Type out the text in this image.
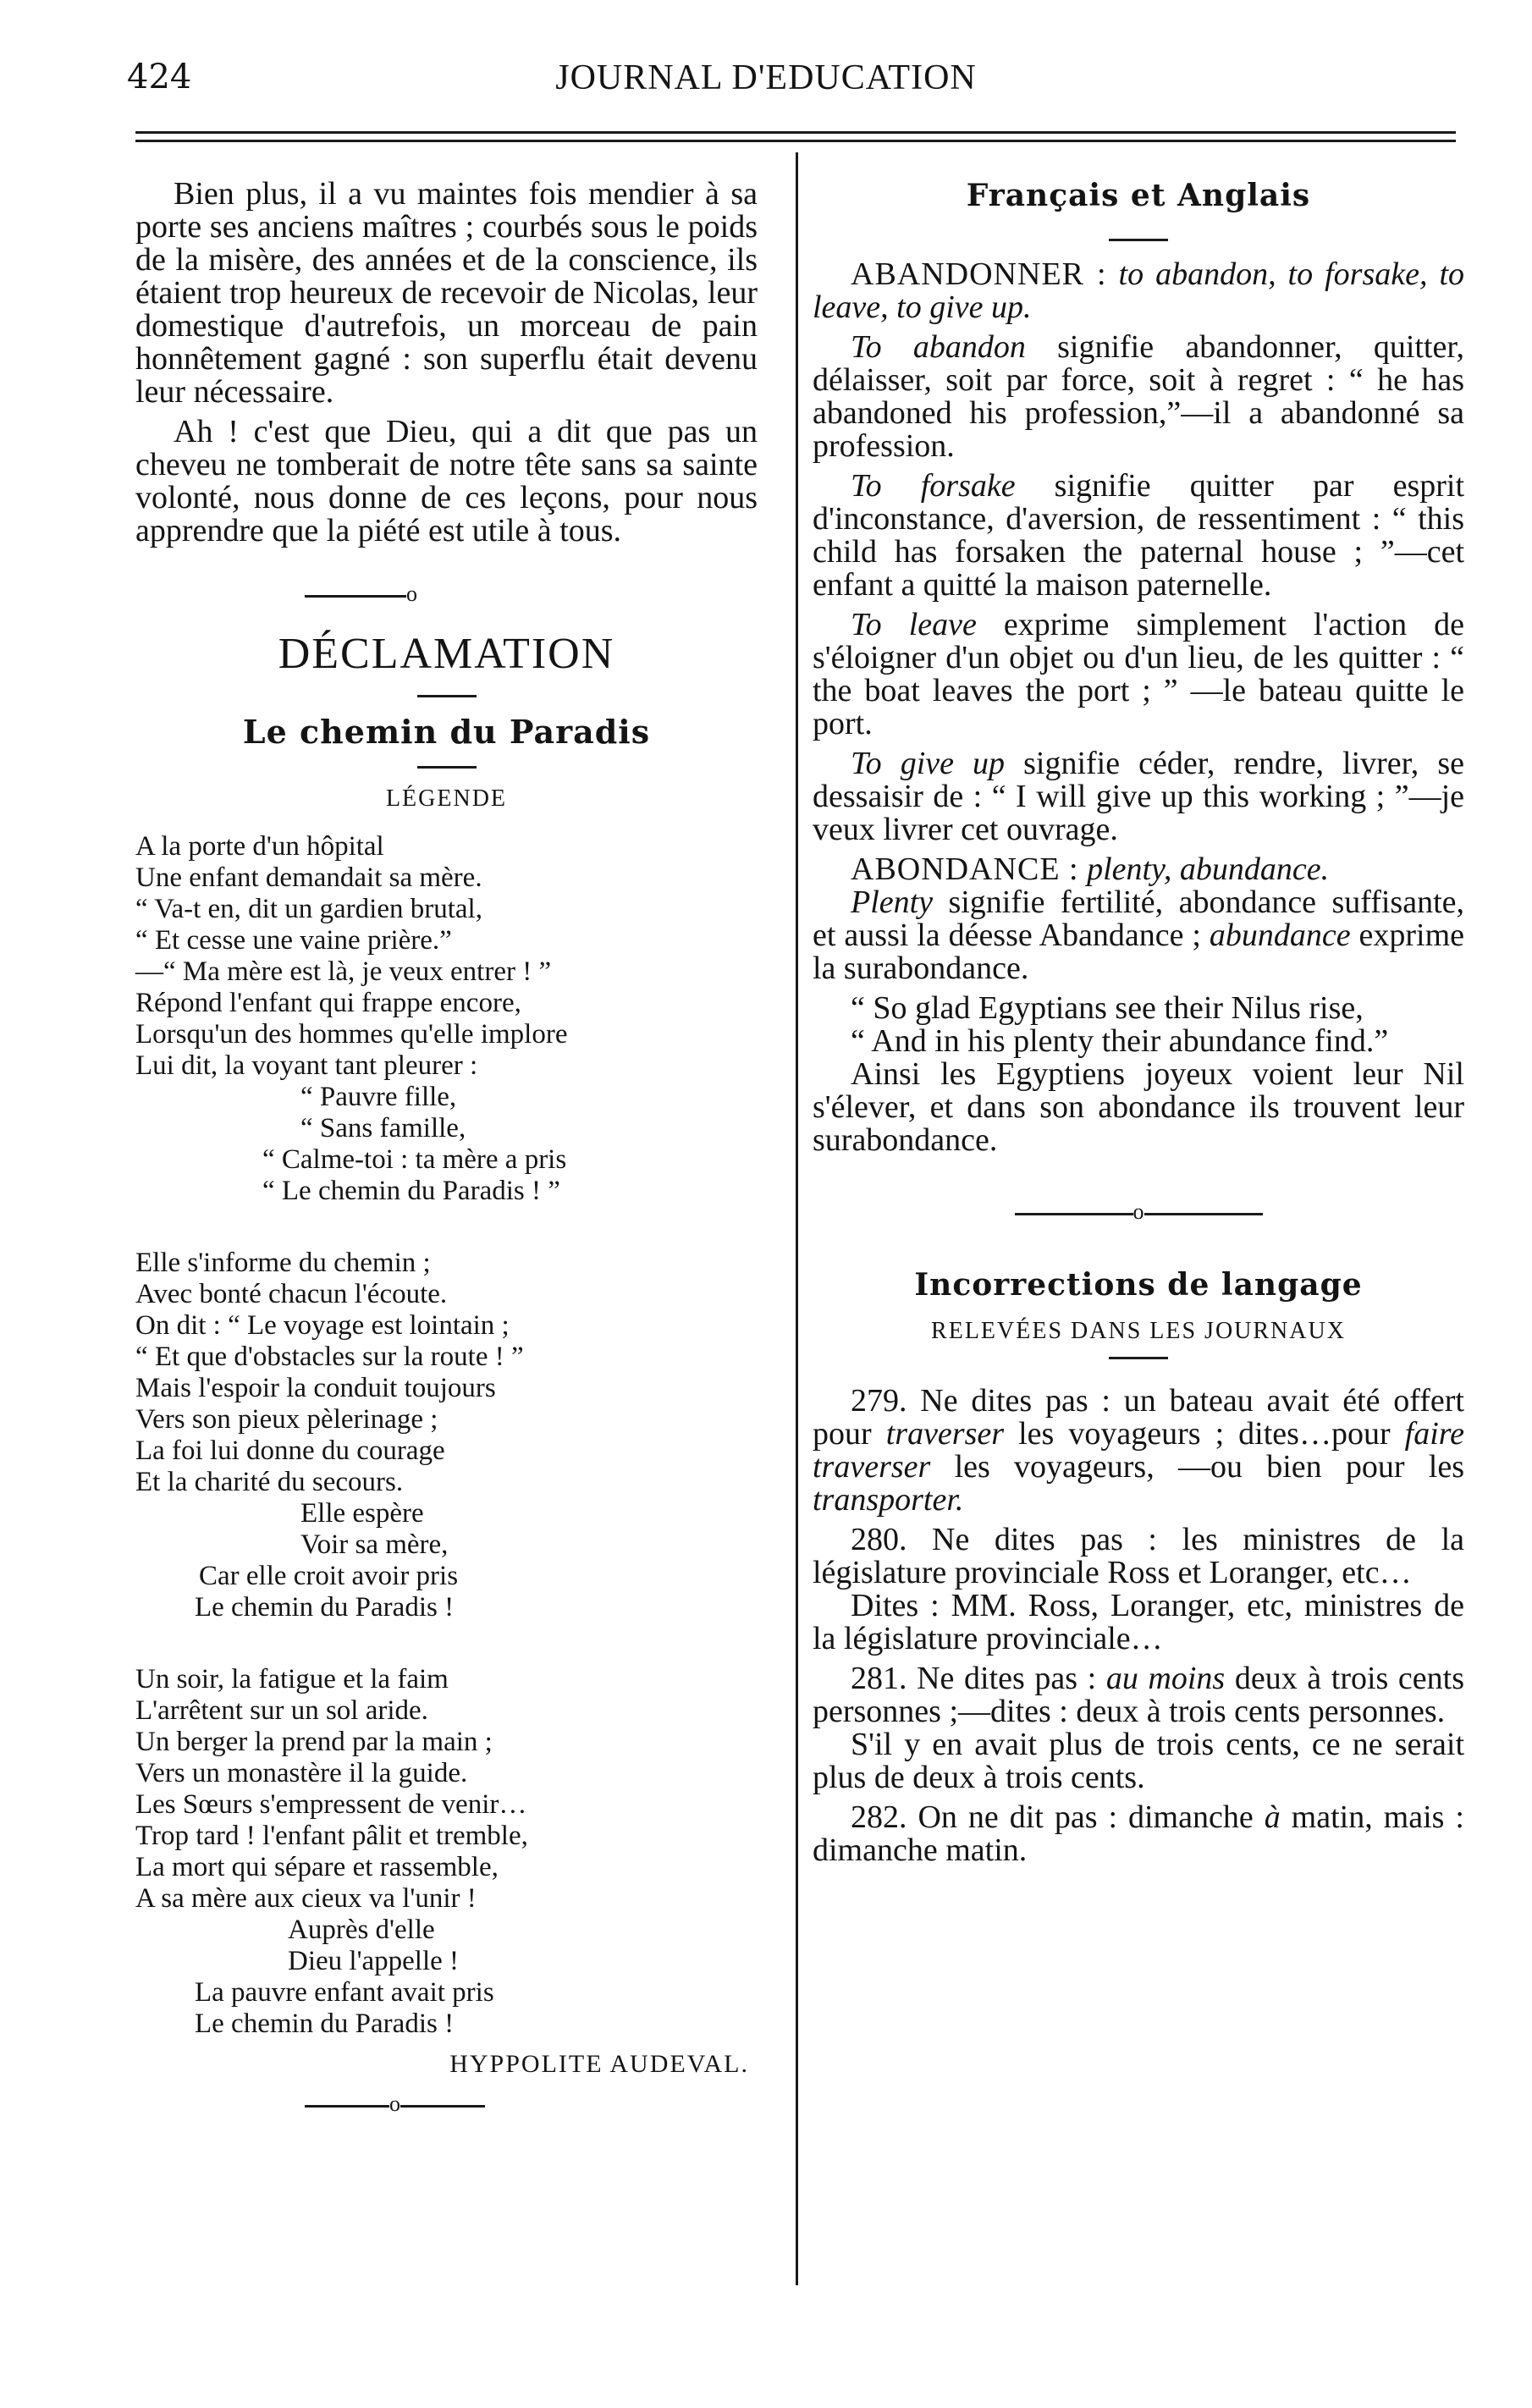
424	JOURNAL D'EDUCATION

Bien plus, il a vu maintes fois mendier à sa porte ses anciens maîtres ; courbés sous le poids de la misère, des années et de la conscience, ils étaient trop heureux de recevoir de Nicolas, leur domestique d'autrefois, un morceau de pain honnêtement gagné : son superflu était devenu leur nécessaire.

Ah ! c'est que Dieu, qui a dit que pas un cheveu ne tomberait de notre tête sans sa sainte volonté, nous donne de ces leçons, pour nous apprendre que la piété est utile à tous.

o
DÉCLAMATION
Le chemin du Paradis
LÉGENDE
A la porte d'un hôpital
Une enfant demandait sa mère.
“ Va-t en, dit un gardien brutal,
“ Et cesse une vaine prière.”
—“ Ma mère est là, je veux entrer ! ”
Répond l'enfant qui frappe encore,
Lorsqu'un des hommes qu'elle implore
Lui dit, la voyant tant pleurer :
“ Pauvre fille,
“ Sans famille,
“ Calme-toi : ta mère a pris
“ Le chemin du Paradis ! ”
Elle s'informe du chemin ;
Avec bonté chacun l'écoute.
On dit : “ Le voyage est lointain ;
“ Et que d'obstacles sur la route ! ”
Mais l'espoir la conduit toujours
Vers son pieux pèlerinage ;
La foi lui donne du courage
Et la charité du secours.
Elle espère
Voir sa mère,
Car elle croit avoir pris
Le chemin du Paradis !
Un soir, la fatigue et la faim
L'arrêtent sur un sol aride.
Un berger la prend par la main ;
Vers un monastère il la guide.
Les Sœurs s'empressent de venir…
Trop tard ! l'enfant pâlit et tremble,
La mort qui sépare et rassemble,
A sa mère aux cieux va l'unir !
Auprès d'elle
Dieu l'appelle !
La pauvre enfant avait pris
Le chemin du Paradis !
HYPPOLITE AUDEVAL.
o
Français et Anglais

ABANDONNER : to abandon, to forsake, to leave, to give up.

To abandon signifie abandonner, quitter, délaisser, soit par force, soit à regret : “ he has abandoned his profession,”—il a abandonné sa profession.

To forsake signifie quitter par esprit d'inconstance, d'aversion, de ressentiment : “ this child has forsaken the paternal house ; ”—cet enfant a quitté la maison paternelle.

To leave exprime simplement l'action de s'éloigner d'un objet ou d'un lieu, de les quitter : “ the boat leaves the port ; ” —le bateau quitte le port.

To give up signifie céder, rendre, livrer, se dessaisir de : “ I will give up this working ; ”—je veux livrer cet ouvrage.

ABONDANCE : plenty, abundance.

Plenty signifie fertilité, abondance suffisante, et aussi la déesse Abandance ; abundance exprime la surabondance.

“ So glad Egyptians see their Nilus rise,

“ And in his plenty their abundance find.”

Ainsi les Egyptiens joyeux voient leur Nil s'élever, et dans son abondance ils trouvent leur surabondance.

o
Incorrections de langage
RELEVÉES DANS LES JOURNAUX

279. Ne dites pas : un bateau avait été offert pour traverser les voyageurs ; dites…pour faire traverser les voyageurs, —ou bien pour les transporter.

280. Ne dites pas : les ministres de la législature provinciale Ross et Loranger, etc…

Dites : MM. Ross, Loranger, etc, ministres de la législature provinciale…

281. Ne dites pas : au moins deux à trois cents personnes ;—dites : deux à trois cents personnes.

S'il y en avait plus de trois cents, ce ne serait plus de deux à trois cents.

282. On ne dit pas : dimanche à matin, mais : dimanche matin.
